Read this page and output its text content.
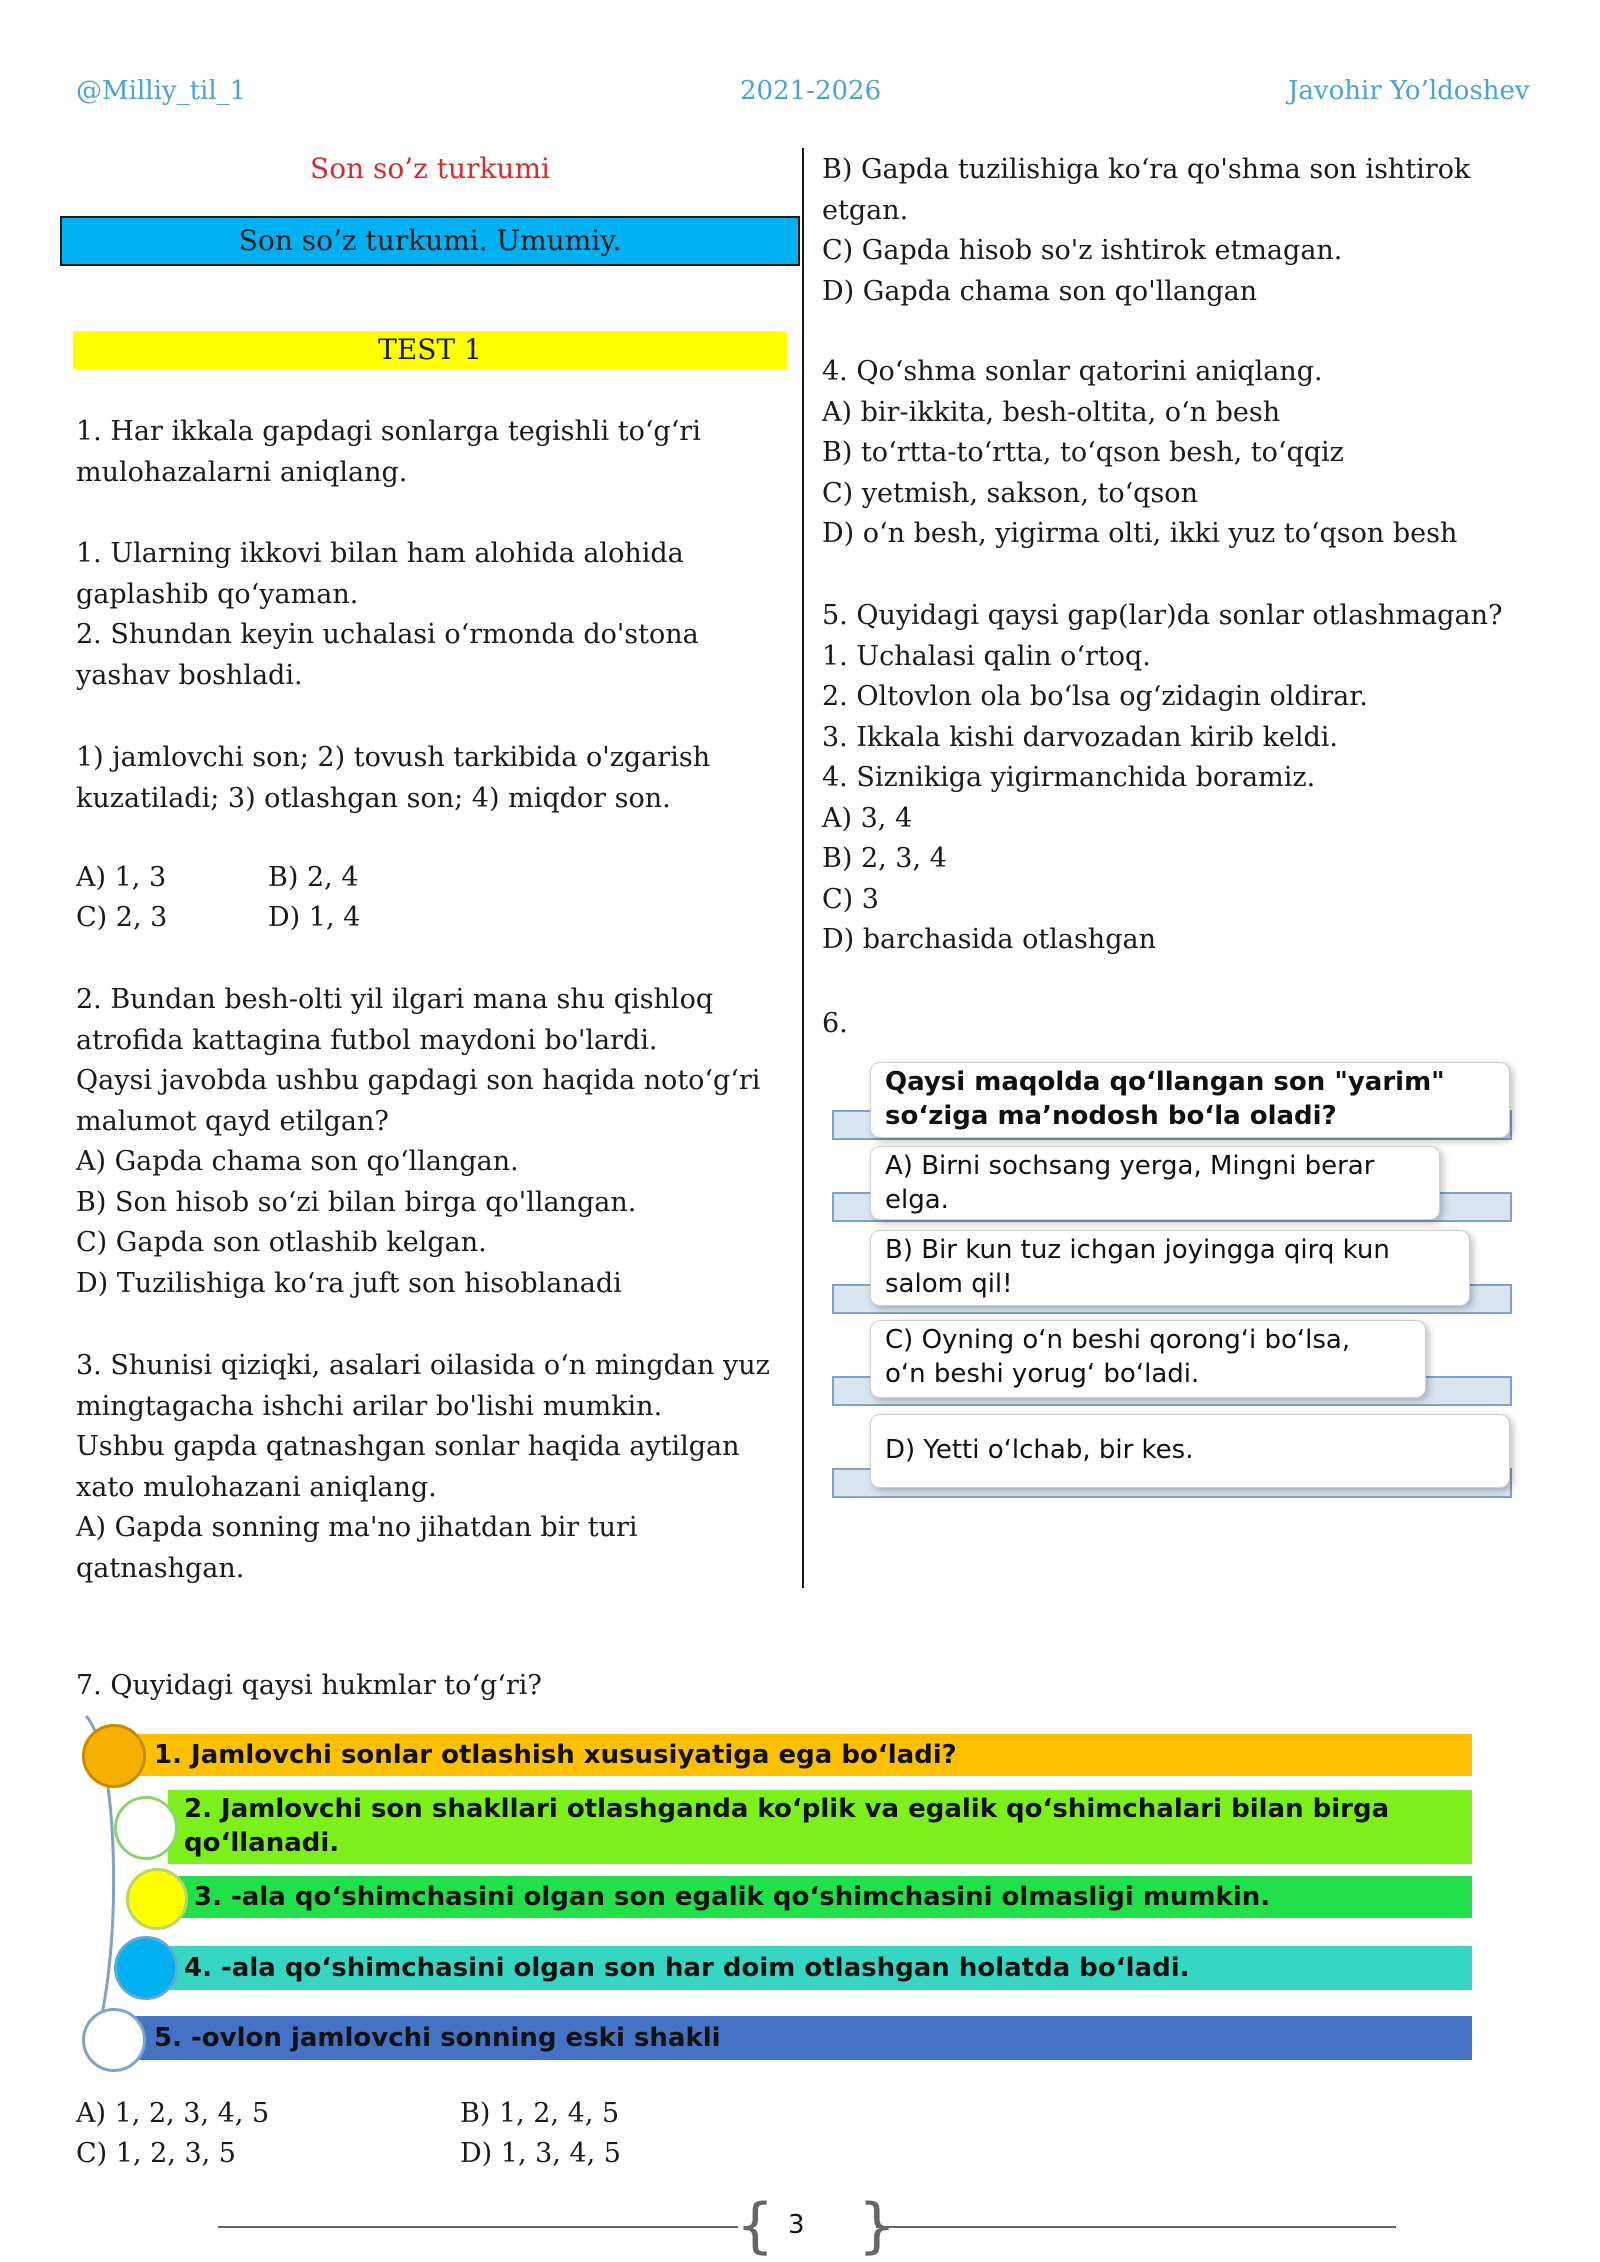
@Milliy_til_1	2021-2026	Javohir Yo’ldoshev
Son so’z turkumi
Son so’z turkumi. Umumiy.
TEST 1
1. Har ikkala gapdagi sonlarga tegishli to‘g‘ri
mulohazalarni aniqlang.
1. Ularning ikkovi bilan ham alohida alohida
gaplashib qo‘yaman.
2. Shundan keyin uchalasi o‘rmonda do'stona
yashav boshladi.
1) jamlovchi son; 2) tovush tarkibida o'zgarish
kuzatiladi; 3) otlashgan son; 4) miqdor son.
A) 1, 3	B) 2, 4
C) 2, 3	D) 1, 4
2. Bundan besh-olti yil ilgari mana shu qishloq
atrofida kattagina futbol maydoni bo'lardi.
Qaysi javobda ushbu gapdagi son haqida noto‘g‘ri
malumot qayd etilgan?
A) Gapda chama son qo‘llangan.
B) Son hisob so‘zi bilan birga qo'llangan.
C) Gapda son otlashib kelgan.
D) Tuzilishiga ko‘ra juft son hisoblanadi
3. Shunisi qiziqki, asalari oilasida o‘n mingdan yuz
mingtagacha ishchi arilar bo'lishi mumkin.
Ushbu gapda qatnashgan sonlar haqida aytilgan
xato mulohazani aniqlang.
A) Gapda sonning ma'no jihatdan bir turi
qatnashgan.
B) Gapda tuzilishiga ko‘ra qo'shma son ishtirok
etgan.
C) Gapda hisob so'z ishtirok etmagan.
D) Gapda chama son qo'llangan
4. Qo‘shma sonlar qatorini aniqlang.
A) bir-ikkita, besh-oltita, o‘n besh
B) to‘rtta-to‘rtta, to‘qson besh, to‘qqiz
C) yetmish, sakson, to‘qson
D) o‘n besh, yigirma olti, ikki yuz to‘qson besh
5. Quyidagi qaysi gap(lar)da sonlar otlashmagan?
1. Uchalasi qalin o‘rtoq.
2. Oltovlon ola bo‘lsa og‘zidagin oldirar.
3. Ikkala kishi darvozadan kirib keldi.
4. Siznikiga yigirmanchida boramiz.
A) 3, 4
B) 2, 3, 4
C) 3
D) barchasida otlashgan
6.
Qaysi maqolda qo‘llangan son "yarim"
so‘ziga ma’nodosh bo‘la oladi?
A) Birni sochsang yerga, Mingni berar
elga.
B) Bir kun tuz ichgan joyingga qirq kun
salom qil!
C) Oyning o‘n beshi qorong‘i bo‘lsa,
o‘n beshi yorug‘ bo‘ladi.
D) Yetti o‘lchab, bir kes.
7. Quyidagi qaysi hukmlar to‘g‘ri?
1. Jamlovchi sonlar otlashish xususiyatiga ega bo‘ladi?
2. Jamlovchi son shakllari otlashganda ko‘plik va egalik qo‘shimchalari bilan birga
qo‘llanadi.
3. -ala qo‘shimchasini olgan son egalik qo‘shimchasini olmasligi mumkin.
4. -ala qo‘shimchasini olgan son har doim otlashgan holatda bo‘ladi.
5. -ovlon jamlovchi sonning eski shakli
A) 1, 2, 3, 4, 5	B) 1, 2, 4, 5
C) 1, 2, 3, 5	D) 1, 3, 4, 5
{ }
3
